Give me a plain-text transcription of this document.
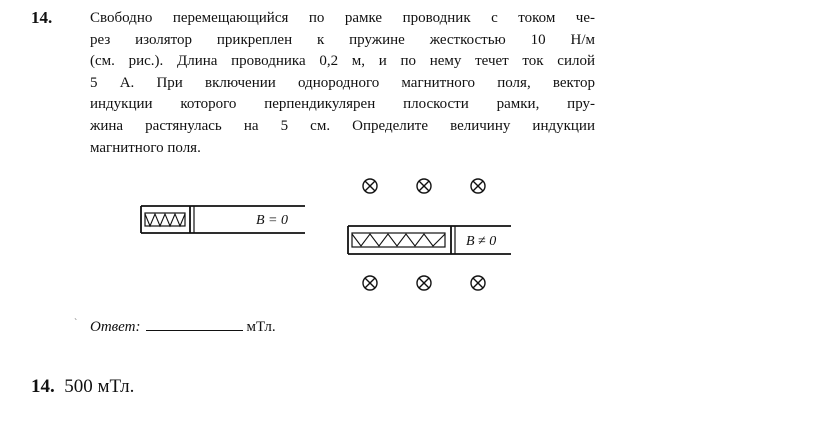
14.	Свободно перемещающийся по рамке проводник с током че-
рез изолятор прикреплен к пружине жесткостью 10 Н/м
(см. рис.). Длина проводника 0,2 м, и по нему течет ток силой
5 А. При включении однородного магнитного поля, вектор
индукции которого перпендикулярен плоскости рамки, пру-
жина растянулась на 5 см. Определите величину индукции
магнитного поля.

B = 0
B ≠ 0
` Ответ:	мТл.
14. 500 мТл.
